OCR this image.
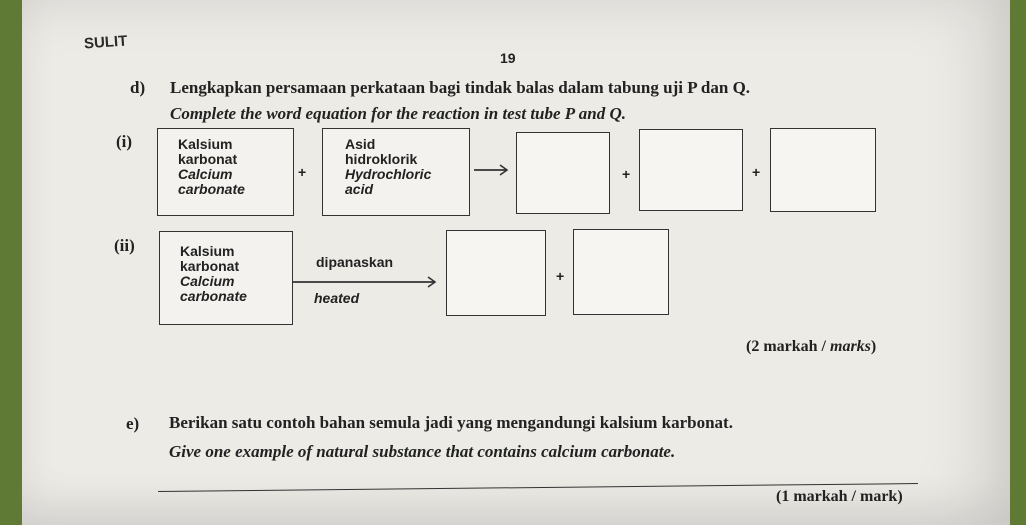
SULIT
19
d) Lengkapkan persamaan perkataan bagi tindak balas dalam tabung uji P dan Q.
Complete the word equation for the reaction in test tube P and Q.
(i)	Kalsium
karbonat
Calcium
carbonate
+
Asid
hidroklorik
Hydrochloric
acid
+	+
(ii)	Kalsium
karbonat
Calcium
carbonate
dipanaskan
heated
+
(2 markah / marks)
e) Berikan satu contoh bahan semula jadi yang mengandungi kalsium karbonat.
Give one example of natural substance that contains calcium carbonate.
(1 markah / mark)
